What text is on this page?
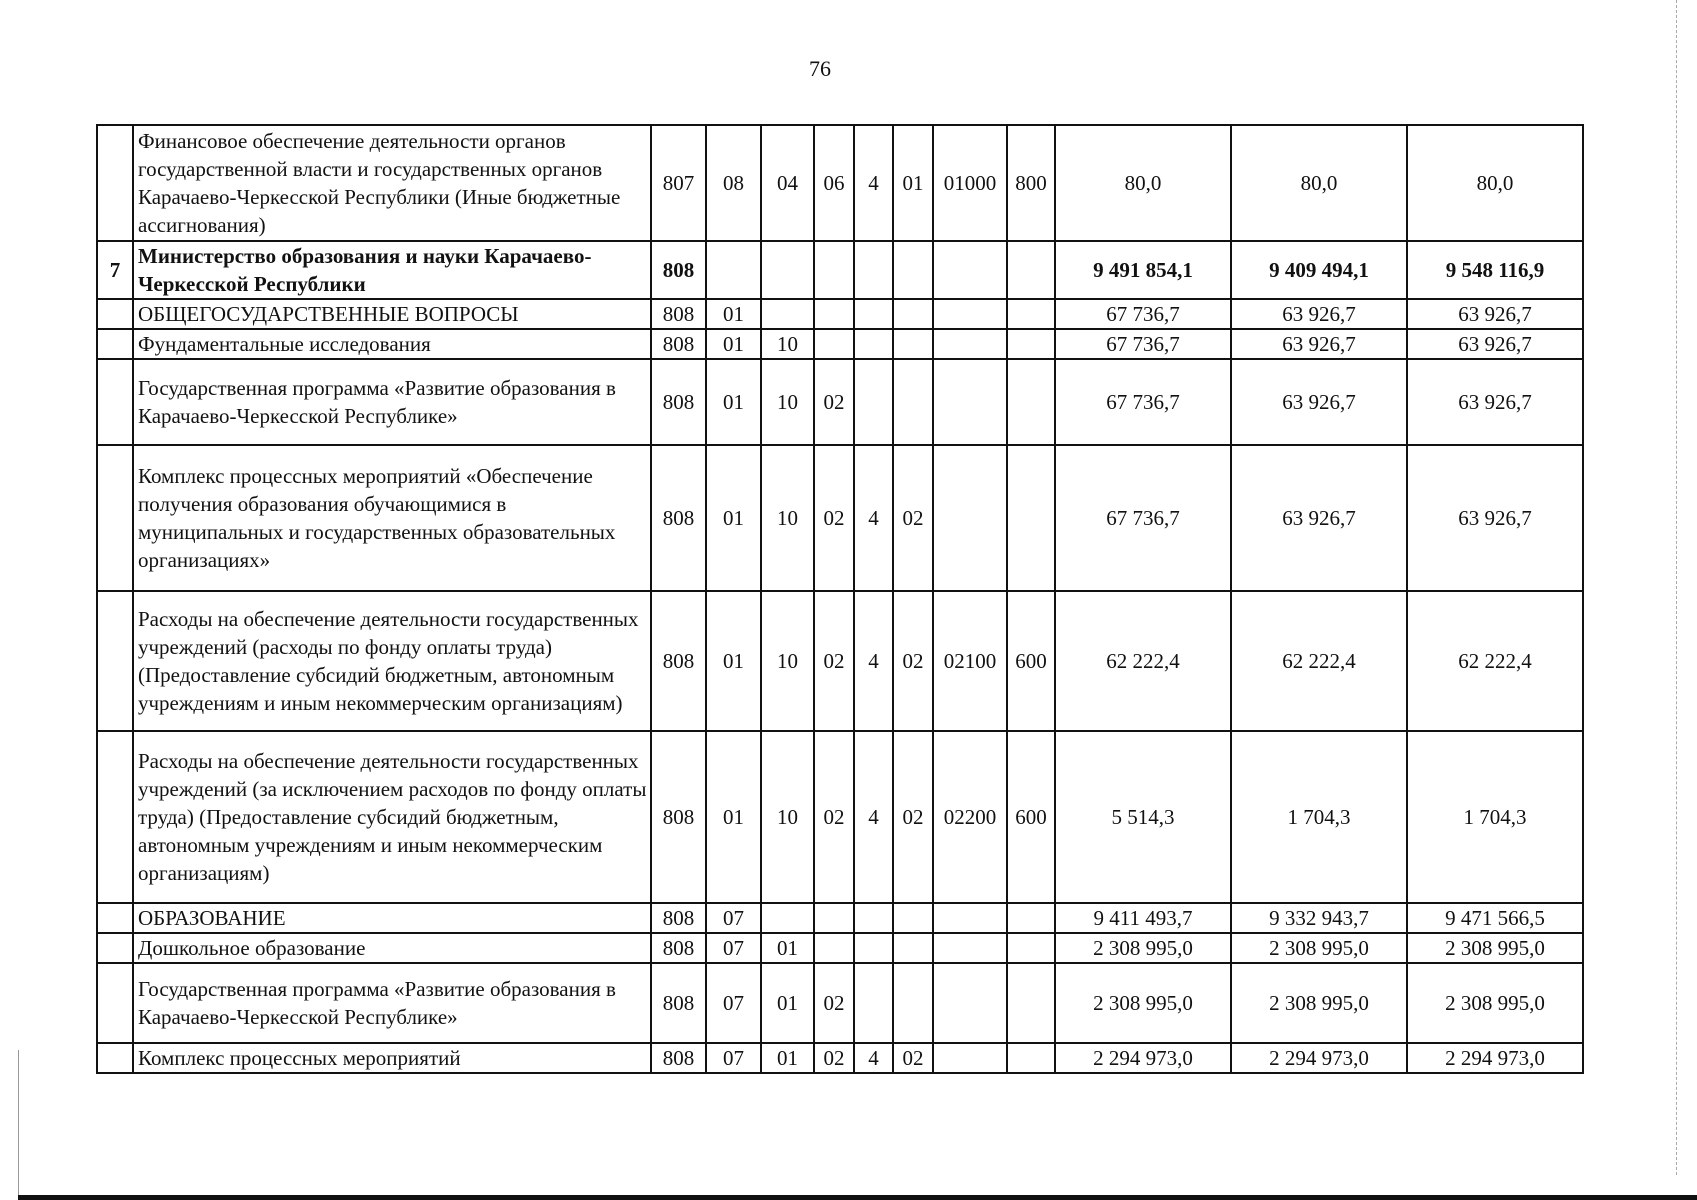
76
	Финансовое обеспечение деятельности органов государственной власти и государственных органов Карачаево-Черкесской Республики (Иные бюджетные ассигнования)	807	08	04	06	4	01	01000	800	80,0	80,0	80,0
7	Министерство образования и науки Карачаево-Черкесской Республики	808								9 491 854,1	9 409 494,1	9 548 116,9
	ОБЩЕГОСУДАРСТВЕННЫЕ ВОПРОСЫ	808	01							67 736,7	63 926,7	63 926,7
	Фундаментальные исследования	808	01	10						67 736,7	63 926,7	63 926,7
	Государственная программа «Развитие образования в Карачаево-Черкесской Республике»	808	01	10	02					67 736,7	63 926,7	63 926,7
	Комплекс процессных мероприятий «Обеспечение получения образования обучающимися в муниципальных и государственных образовательных организациях»	808	01	10	02	4	02			67 736,7	63 926,7	63 926,7
	Расходы на обеспечение деятельности государственных учреждений (расходы по фонду оплаты труда) (Предоставление субсидий бюджетным, автономным учреждениям и иным некоммерческим организациям)	808	01	10	02	4	02	02100	600	62 222,4	62 222,4	62 222,4
	Расходы на обеспечение деятельности государственных учреждений (за исключением расходов по фонду оплаты труда) (Предоставление субсидий бюджетным, автономным учреждениям и иным некоммерческим организациям)	808	01	10	02	4	02	02200	600	5 514,3	1 704,3	1 704,3
	ОБРАЗОВАНИЕ	808	07							9 411 493,7	9 332 943,7	9 471 566,5
	Дошкольное образование	808	07	01						2 308 995,0	2 308 995,0	2 308 995,0
	Государственная программа «Развитие образования в Карачаево-Черкесской Республике»	808	07	01	02					2 308 995,0	2 308 995,0	2 308 995,0
	Комплекс процессных мероприятий	808	07	01	02	4	02			2 294 973,0	2 294 973,0	2 294 973,0
